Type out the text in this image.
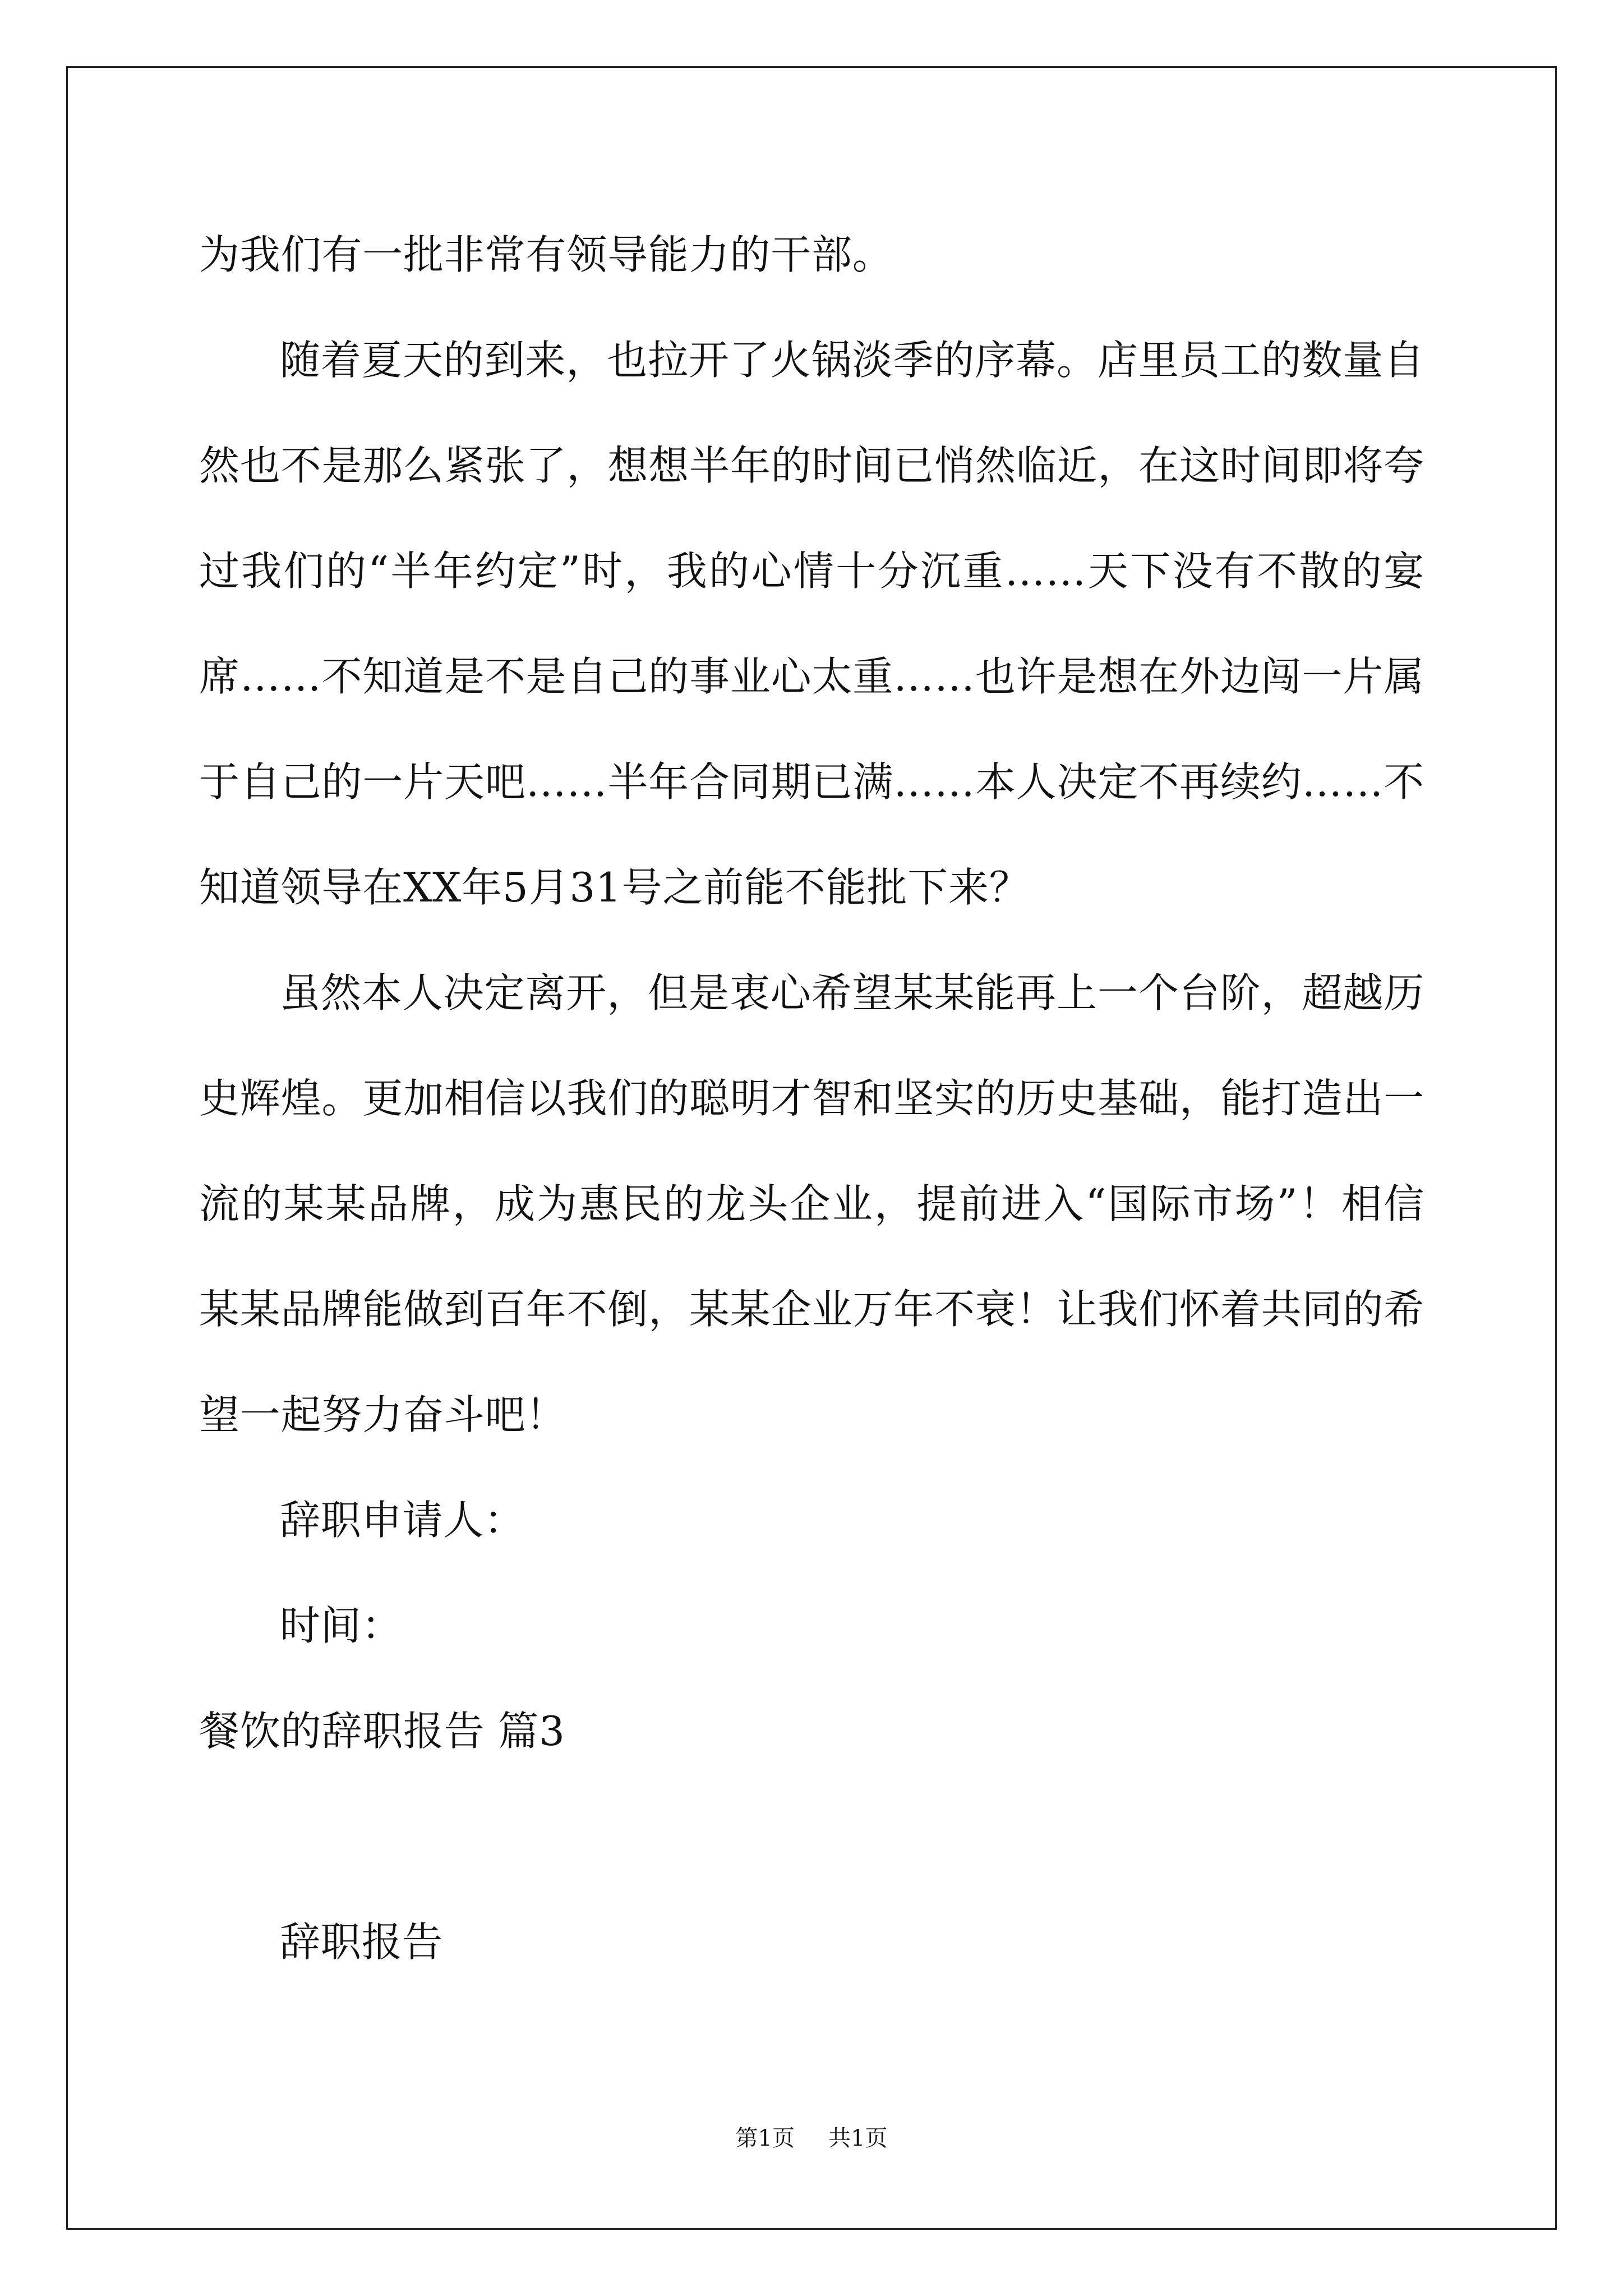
为我们有一批非常有领导能力的干部。

随着夏天的到来，也拉开了火锅淡季的序幕。店里员工的数量自然也不是那么紧张了，想想半年的时间已悄然临近，在这时间即将夸过我们的“半年约定”时，我的心情十分沉重……天下没有不散的宴席……不知道是不是自己的事业心太重……也许是想在外边闯一片属于自己的一片天吧……半年合同期已满……本人决定不再续约……不知道领导在XX年5月31号之前能不能批下来？

虽然本人决定离开，但是衷心希望某某能再上一个台阶，超越历史辉煌。更加相信以我们的聪明才智和坚实的历史基础，能打造出一流的某某品牌，成为惠民的龙头企业，提前进入“国际市场”！相信某某品牌能做到百年不倒，某某企业万年不衰！让我们怀着共同的希望一起努力奋斗吧！

辞职申请人：

时间：

餐饮的辞职报告 篇3

辞职报告

第1页 共1页
